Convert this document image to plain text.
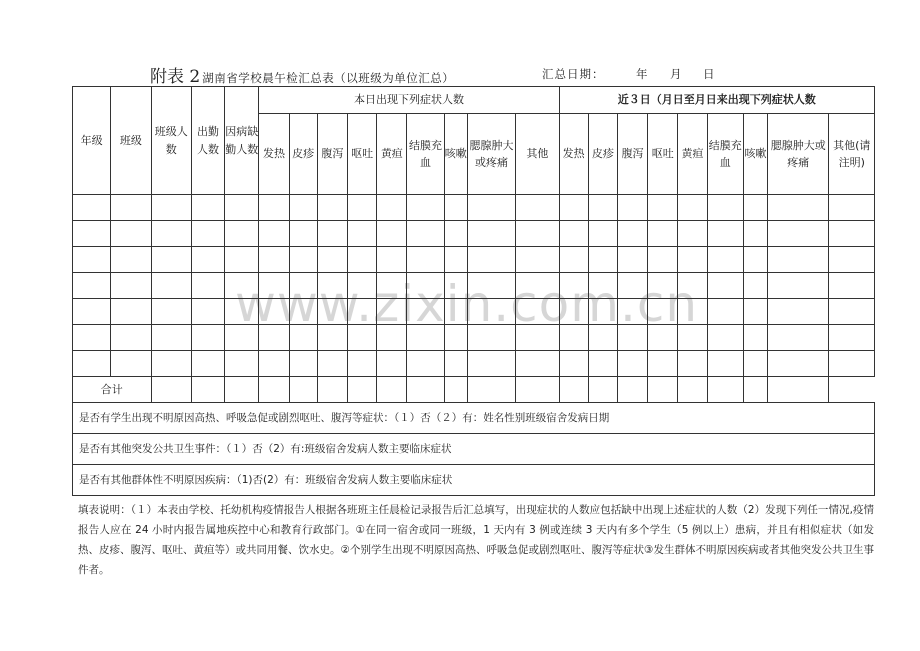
www.zixin.com.cn
附表 2 湖南省学校晨午检汇总表（以班级为单位汇总）	汇总日期：	年 月 日
年级	班级	班级人数	出勤人数	因病缺勤人数	本日出现下列症状人数									近３日（月日至月日来出现下列症状人数								
					发热	皮疹	腹泻	呕吐	黄疸	结膜充血	咳嗽	腮腺肿大或疼痛	其他	发热	皮疹	腹泻	呕吐	黄疸	结膜充血	咳嗽	腮腺肿大或疼痛	其他(请注明)

合计																						
是否有学生出现不明原因高热、呼吸急促或剧烈呕吐、腹泻等症状：（１）否（２）有：姓名性别班级宿舍发病日期																						
是否有其他突发公共卫生事件：（１）否（2）有:班级宿舍发病人数主要临床症状																						
是否有其他群体性不明原因疾病：（1)否(2）有：班级宿舍发病人数主要临床症状																						
填表说明：（１）本表由学校、托幼机构疫情报告人根据各班班主任晨检记录报告后汇总填写，出现症状的人数应包括缺中出现上述症状的人数（2）发现下列任一情况,疫情报告人应在 24 小时内报告属地疾控中心和教育行政部门。①在同一宿舍或同一班级，1 天内有 3 例或连续 3 天内有多个学生（5 例以上）患病，并且有相似症状（如发热、皮疹、腹泻、呕吐、黄疸等）或共同用餐、饮水史。②个别学生出现不明原因高热、呼吸急促或剧烈呕吐、腹泻等症状③发生群体不明原因疾病或者其他突发公共卫生事件者。
